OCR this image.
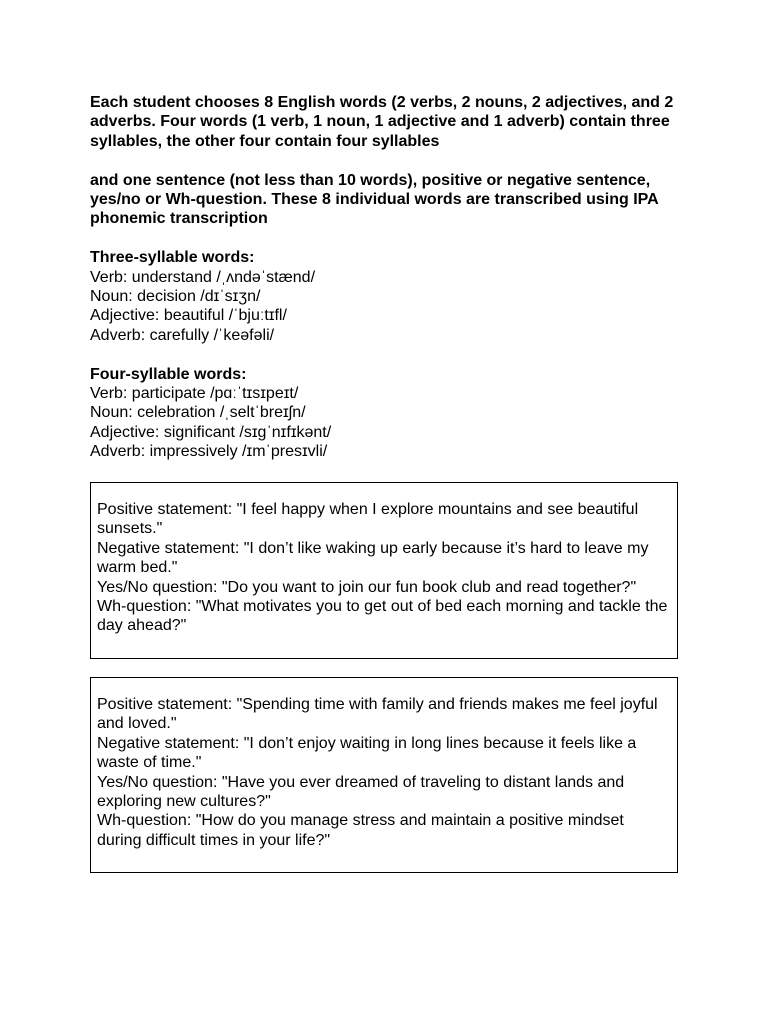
Each student chooses 8 English words (2 verbs, 2 nouns, 2 adjectives, and 2 adverbs. Four words (1 verb, 1 noun, 1 adjective and 1 adverb) contain three syllables, the other four contain four syllables

and one sentence (not less than 10 words), positive or negative sentence, yes/no or Wh-question. These 8 individual words are transcribed using IPA phonemic transcription

Three-syllable words:

Verb: understand /ˌʌndəˈstænd/

Noun: decision /dɪˈsɪʒn/

Adjective: beautiful /ˈbjuːtɪfl/

Adverb: carefully /ˈkeəfəli/

Four-syllable words:

Verb: participate /pɑːˈtɪsɪpeɪt/

Noun: celebration /ˌseltˈbreɪʃn/

Adjective: significant /sɪɡˈnɪfɪkənt/

Adverb: impressively /ɪmˈpresɪvli/

Positive statement: "I feel happy when I explore mountains and see beautiful sunsets."

Negative statement: "I don’t like waking up early because it’s hard to leave my warm bed."

Yes/No question: "Do you want to join our fun book club and read together?"

Wh-question: "What motivates you to get out of bed each morning and tackle the day ahead?"

Positive statement: "Spending time with family and friends makes me feel joyful and loved."

Negative statement: "I don’t enjoy waiting in long lines because it feels like a waste of time."

Yes/No question: "Have you ever dreamed of traveling to distant lands and exploring new cultures?"

Wh-question: "How do you manage stress and maintain a positive mindset during difficult times in your life?"
